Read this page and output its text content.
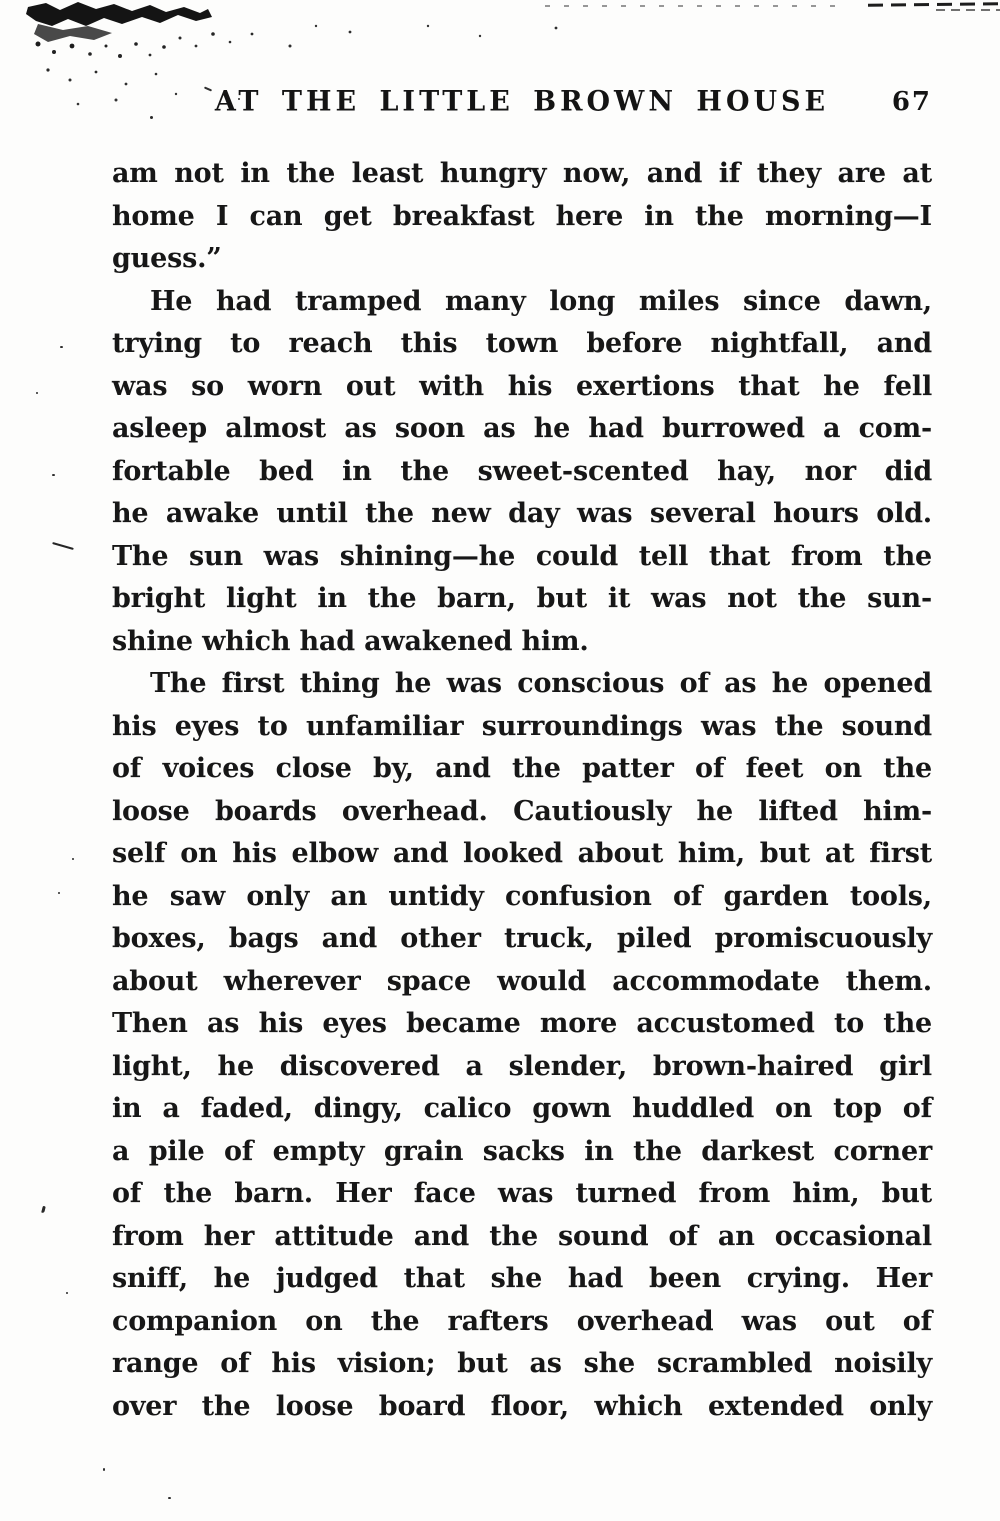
AT THE LITTLE BROWN HOUSE	67
am not in the least hungry now, and if they are at
home I can get breakfast here in the morning—I
guess.”
He had tramped many long miles since dawn,
trying to reach this town before nightfall, and
was so worn out with his exertions that he fell
asleep almost as soon as he had burrowed a com-
fortable bed in the sweet-scented hay, nor did
he awake until the new day was several hours old.
The sun was shining—he could tell that from the
bright light in the barn, but it was not the sun-
shine which had awakened him.
The first thing he was conscious of as he opened
his eyes to unfamiliar surroundings was the sound
of voices close by, and the patter of feet on the
loose boards overhead. Cautiously he lifted him-
self on his elbow and looked about him, but at first
he saw only an untidy confusion of garden tools,
boxes, bags and other truck, piled promiscuously
about wherever space would accommodate them.
Then as his eyes became more accustomed to the
light, he discovered a slender, brown-haired girl
in a faded, dingy, calico gown huddled on top of
a pile of empty grain sacks in the darkest corner
of the barn. Her face was turned from him, but
from her attitude and the sound of an occasional
sniff, he judged that she had been crying. Her
companion on the rafters overhead was out of
range of his vision; but as she scrambled noisily
over the loose board floor, which extended only
